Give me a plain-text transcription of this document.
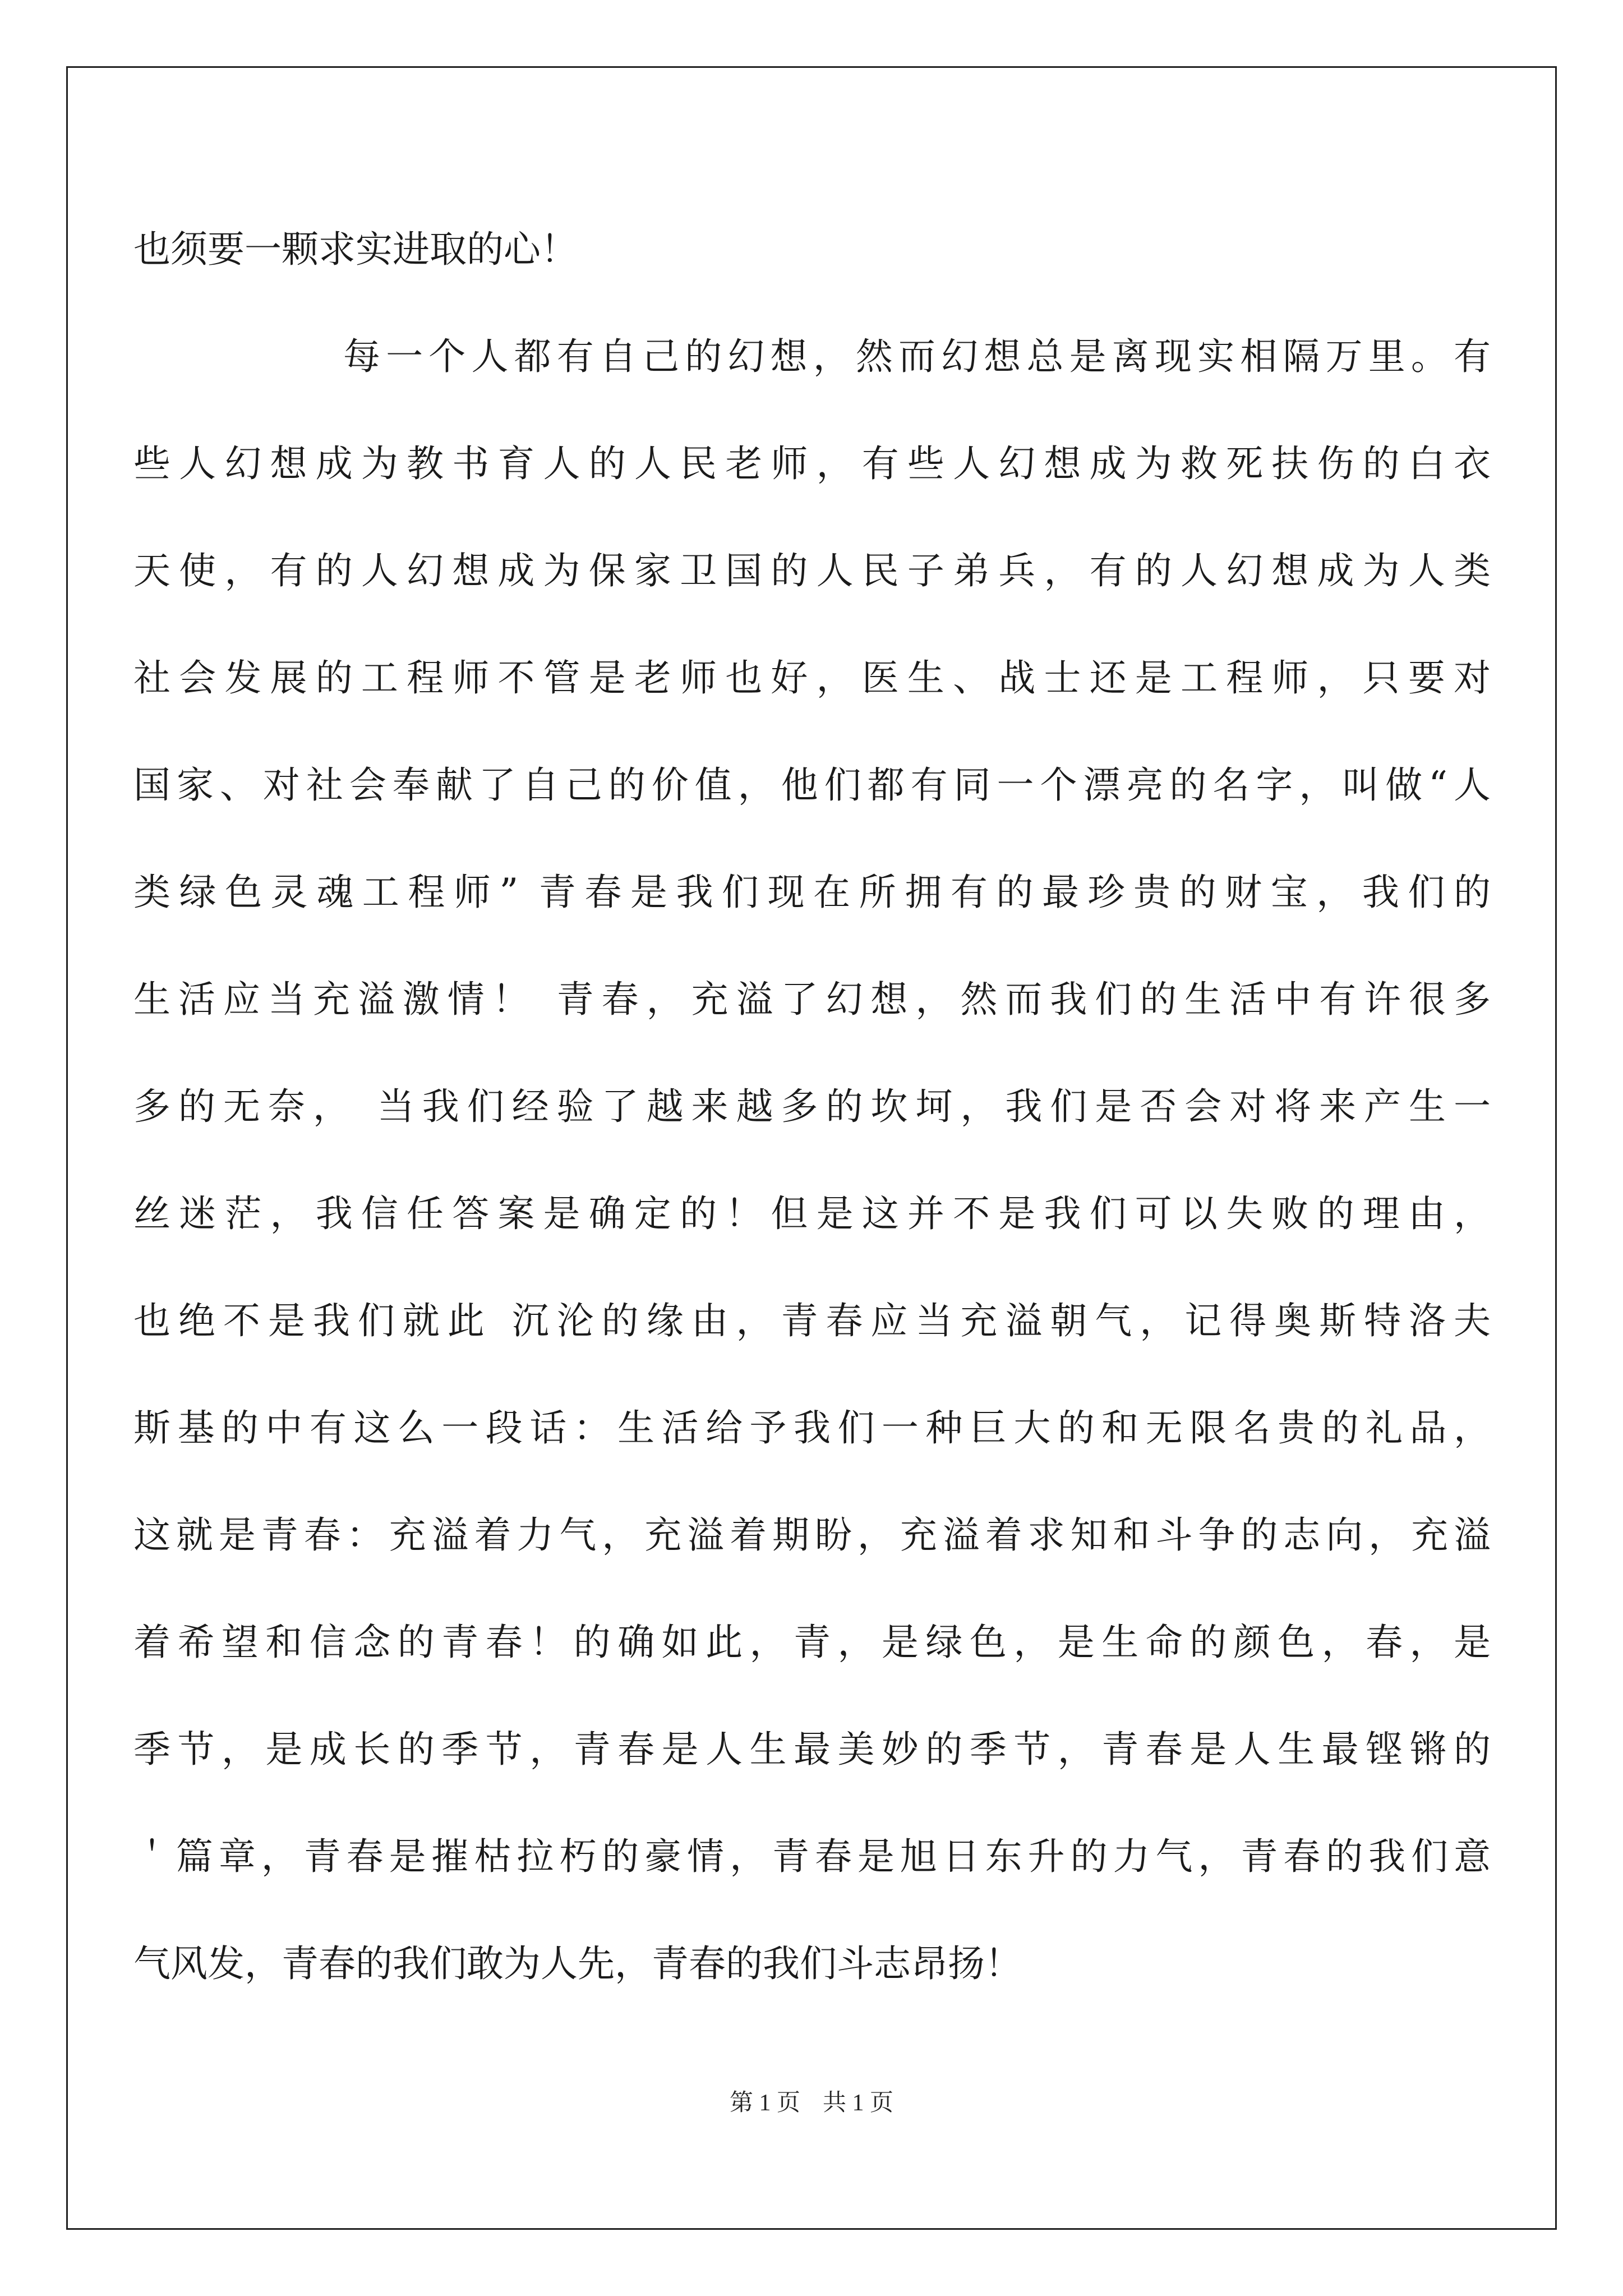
也须要一颗求实进取的心！
每一个人都有自己的幻想，然而幻想总是离现实相隔万里。有
些人幻想成为教书育人的人民老师，有些人幻想成为救死扶伤的白衣
天使，有的人幻想成为保家卫国的人民子弟兵，有的人幻想成为人类
社会发展的工程师不管是老师也好，医生、战士还是工程师，只要对
国家、对社会奉献了自己的价值，他们都有同一个漂亮的名字，叫做“人
类绿色灵魂工程师” 青春是我们现在所拥有的最珍贵的财宝，我们的
生活应当充溢激情！ 青春，充溢了幻想，然而我们的生活中有许很多
多的无奈， 当我们经验了越来越多的坎坷，我们是否会对将来产生一
丝迷茫，我信任答案是确定的！但是这并不是我们可以失败的理由，
也绝不是我们就此 沉沦的缘由，青春应当充溢朝气，记得奥斯特洛夫
斯基的中有这么一段话：生活给予我们一种巨大的和无限名贵的礼品，
这就是青春：充溢着力气，充溢着期盼，充溢着求知和斗争的志向，充溢
着希望和信念的青春！的确如此，青，是绿色，是生命的颜色，春，是
季节，是成长的季节，青春是人生最美妙的季节，青春是人生最铿锵的
＇篇章，青春是摧枯拉朽的豪情，青春是旭日东升的力气，青春的我们意
气风发，青春的我们敢为人先，青春的我们斗志昂扬！
第 1 页 共 1 页
